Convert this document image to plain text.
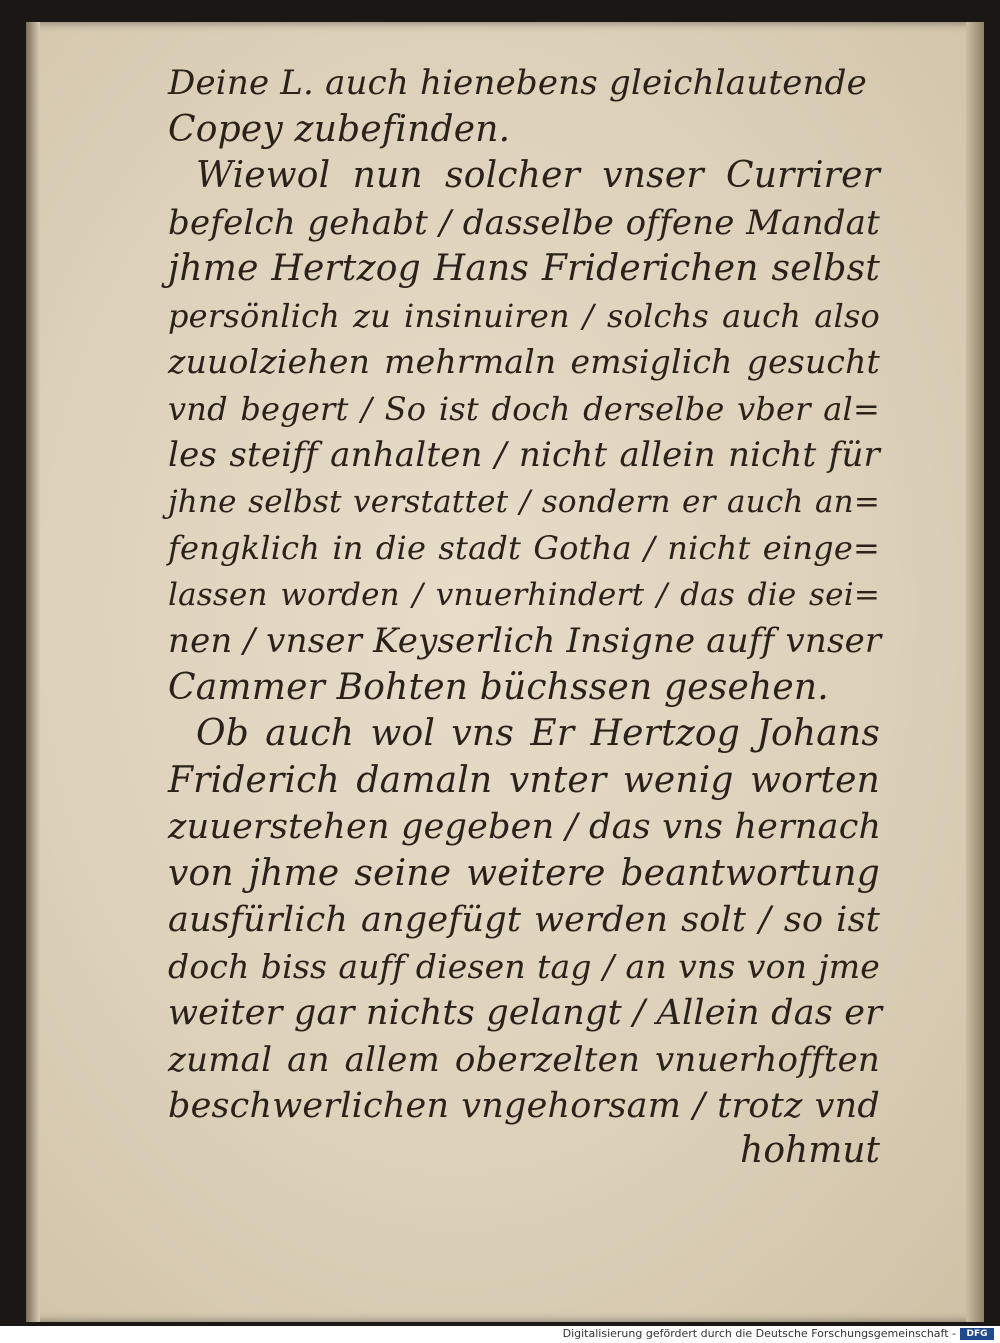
Deine L. auch hienebens gleichlautende
Copey zubefinden.
Wiewol nun solcher vnser Currirer
befelch gehabt / dasselbe offene Mandat
jhme Hertzog Hans Friderichen selbst
persönlich zu insinuiren / solchs auch also
zuuolziehen mehrmaln emsiglich gesucht
vnd begert / So ist doch derselbe vber al=
les steiff anhalten / nicht allein nicht für
jhne selbst verstattet / sondern er auch an=
fengklich in die stadt Gotha / nicht einge=
lassen worden / vnuerhindert / das die sei=
nen / vnser Keyserlich Insigne auff vnser
Cammer Bohten büchssen gesehen.
Ob auch wol vns Er Hertzog Johans
Friderich damaln vnter wenig worten
zuuerstehen gegeben / das vns hernach
von jhme seine weitere beantwortung
ausfürlich angefügt werden solt / so ist
doch biss auff diesen tag / an vns von jme
weiter gar nichts gelangt / Allein das er
zumal an allem oberzelten vnuerhofften
beschwerlichen vngehorsam / trotz vnd
hohmut
Digitalisierung gefördert durch die Deutsche Forschungsgemeinschaft -	DFG
